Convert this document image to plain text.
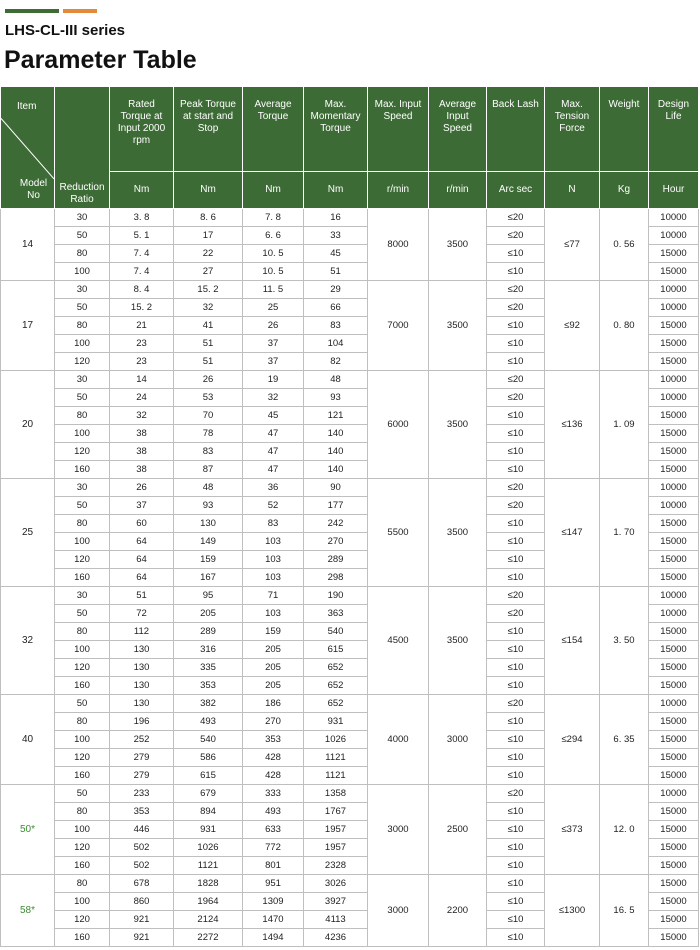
LHS-CL-III series
Parameter Table
Item
Model No	Reduction Ratio	Rated Torque at Input 2000 rpm	Peak Torque at start and Stop	Average Torque	Max. Momentary Torque	Max. Input Speed	Average Input Speed	Back Lash	Max. Tension Force	Weight	Design Life
		Nm	Nm	Nm	Nm	r/min	r/min	Arc sec	N	Kg	Hour
14	30	3. 8	8. 6	7. 8	16	8000	3500	≤20	≤77	0. 56	10000
	50	5. 1	17	6. 6	33			≤20			10000
	80	7. 4	22	10. 5	45			≤10			15000
	100	7. 4	27	10. 5	51			≤10			15000
17	30	8. 4	15. 2	11. 5	29	7000	3500	≤20	≤92	0. 80	10000
	50	15. 2	32	25	66			≤20			10000
	80	21	41	26	83			≤10			15000
	100	23	51	37	104			≤10			15000
	120	23	51	37	82			≤10			15000
20	30	14	26	19	48	6000	3500	≤20	≤136	1. 09	10000
	50	24	53	32	93			≤20			10000
	80	32	70	45	121			≤10			15000
	100	38	78	47	140			≤10			15000
	120	38	83	47	140			≤10			15000
	160	38	87	47	140			≤10			15000
25	30	26	48	36	90	5500	3500	≤20	≤147	1. 70	10000
	50	37	93	52	177			≤20			10000
	80	60	130	83	242			≤10			15000
	100	64	149	103	270			≤10			15000
	120	64	159	103	289			≤10			15000
	160	64	167	103	298			≤10			15000
32	30	51	95	71	190	4500	3500	≤20	≤154	3. 50	10000
	50	72	205	103	363			≤20			10000
	80	112	289	159	540			≤10			15000
	100	130	316	205	615			≤10			15000
	120	130	335	205	652			≤10			15000
	160	130	353	205	652			≤10			15000
40	50	130	382	186	652	4000	3000	≤20	≤294	6. 35	10000
	80	196	493	270	931			≤10			15000
	100	252	540	353	1026			≤10			15000
	120	279	586	428	1121			≤10			15000
	160	279	615	428	1121			≤10			15000
50*	50	233	679	333	1358	3000	2500	≤20	≤373	12. 0	10000
	80	353	894	493	1767			≤10			15000
	100	446	931	633	1957			≤10			15000
	120	502	1026	772	1957			≤10			15000
	160	502	1121	801	2328			≤10			15000
58*	80	678	1828	951	3026	3000	2200	≤10	≤1300	16. 5	15000
	100	860	1964	1309	3927			≤10			15000
	120	921	2124	1470	4113			≤10			15000
	160	921	2272	1494	4236			≤10			15000
